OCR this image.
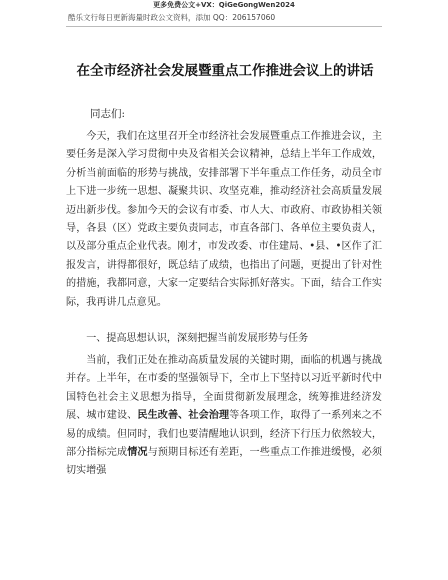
更多免费公文+VX：QiGeGongWen2024
酷乐文行每日更新海量时政公文资料，添加 QQ：206157060
在全市经济社会发展暨重点工作推进会议上的讲话
同志们:

今天，我们在这里召开全市经济社会发展暨重点工作推进会议，主要任务是深入学习贯彻中央及省相关会议精神，总结上半年工作成效，分析当前面临的形势与挑战，安排部署下半年重点工作任务，动员全市上下进一步统一思想、凝聚共识、攻坚克难，推动经济社会高质量发展迈出新步伐。参加今天的会议有市委、市人大、市政府、市政协相关领导，各县（区）党政主要负责同志，市直各部门、各单位主要负责人，以及部分重点企业代表。刚才，市发改委、市住建局、•县、•区作了汇报发言，讲得都很好，既总结了成绩，也指出了问题，更提出了针对性的措施，我都同意，大家一定要结合实际抓好落实。下面，结合工作实际，我再讲几点意见。

一、提高思想认识，深刻把握当前发展形势与任务

当前，我们正处在推动高质量发展的关键时期，面临的机遇与挑战并存。上半年，在市委的坚强领导下，全市上下坚持以习近平新时代中国特色社会主义思想为指导，全面贯彻新发展理念，统筹推进经济发展、城市建设、民生改善、社会治理等各项工作，取得了一系列来之不易的成绩。但同时，我们也要清醒地认识到，经济下行压力依然较大，部分指标完成情况与预期目标还有差距，一些重点工作推进缓慢，必须切实增强
